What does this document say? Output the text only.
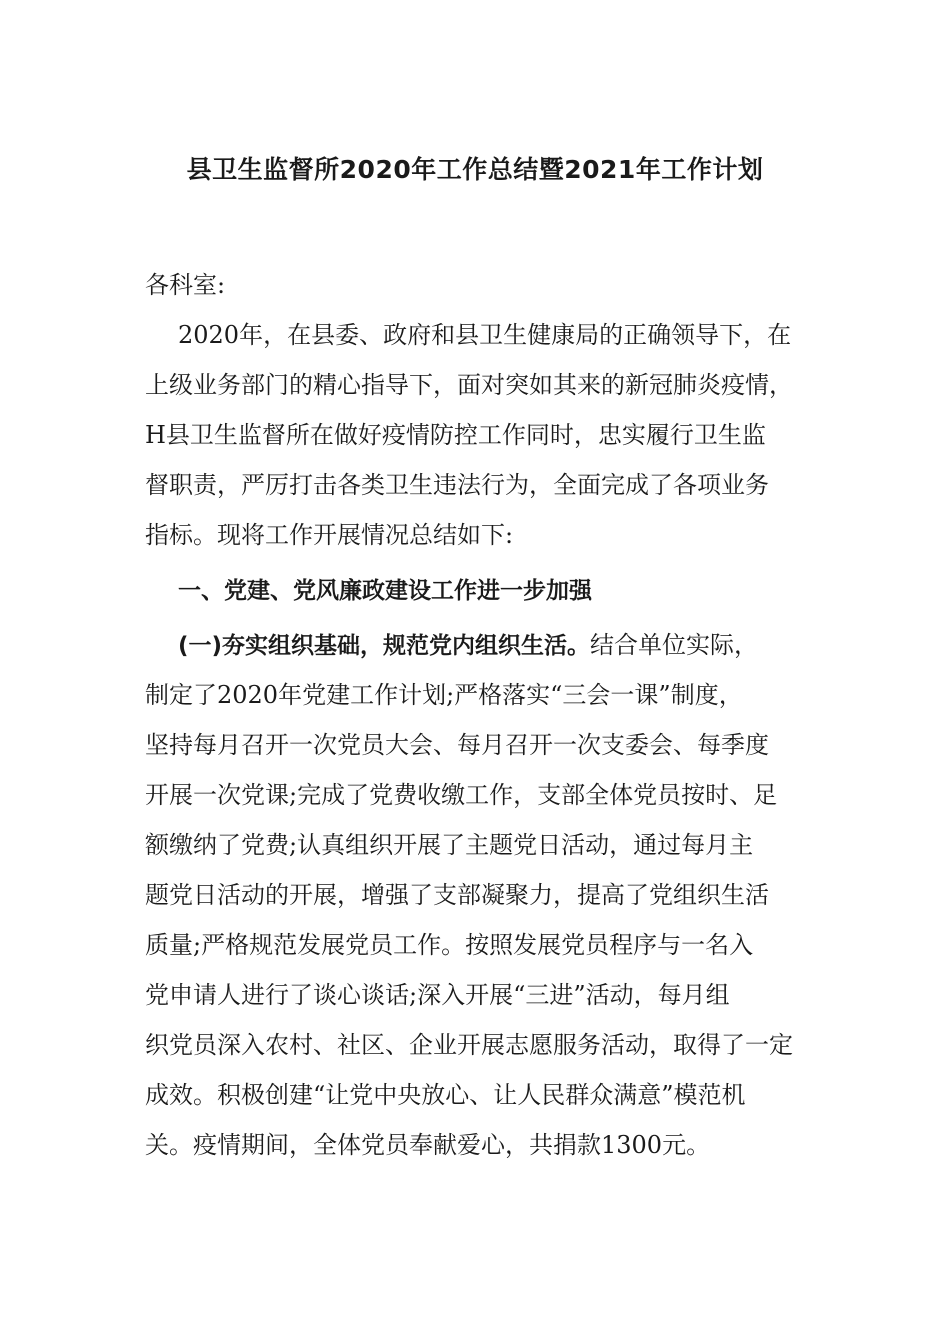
县卫生监督所2020年工作总结暨2021年工作计划
各科室:
2020年，在县委、政府和县卫生健康局的正确领导下，在
上级业务部门的精心指导下，面对突如其来的新冠肺炎疫情，
H县卫生监督所在做好疫情防控工作同时，忠实履行卫生监
督职责，严厉打击各类卫生违法行为，全面完成了各项业务
指标。现将工作开展情况总结如下:
一、党建、党风廉政建设工作进一步加强
(一)夯实组织基础，规范党内组织生活。结合单位实际，
制定了2020年党建工作计划;严格落实“三会一课”制度，
坚持每月召开一次党员大会、每月召开一次支委会、每季度
开展一次党课;完成了党费收缴工作，支部全体党员按时、足
额缴纳了党费;认真组织开展了主题党日活动，通过每月主
题党日活动的开展，增强了支部凝聚力，提高了党组织生活
质量;严格规范发展党员工作。按照发展党员程序与一名入
党申请人进行了谈心谈话;深入开展“三进”活动，每月组
织党员深入农村、社区、企业开展志愿服务活动，取得了一定
成效。积极创建“让党中央放心、让人民群众满意”模范机
关。疫情期间，全体党员奉献爱心，共捐款1300元。
